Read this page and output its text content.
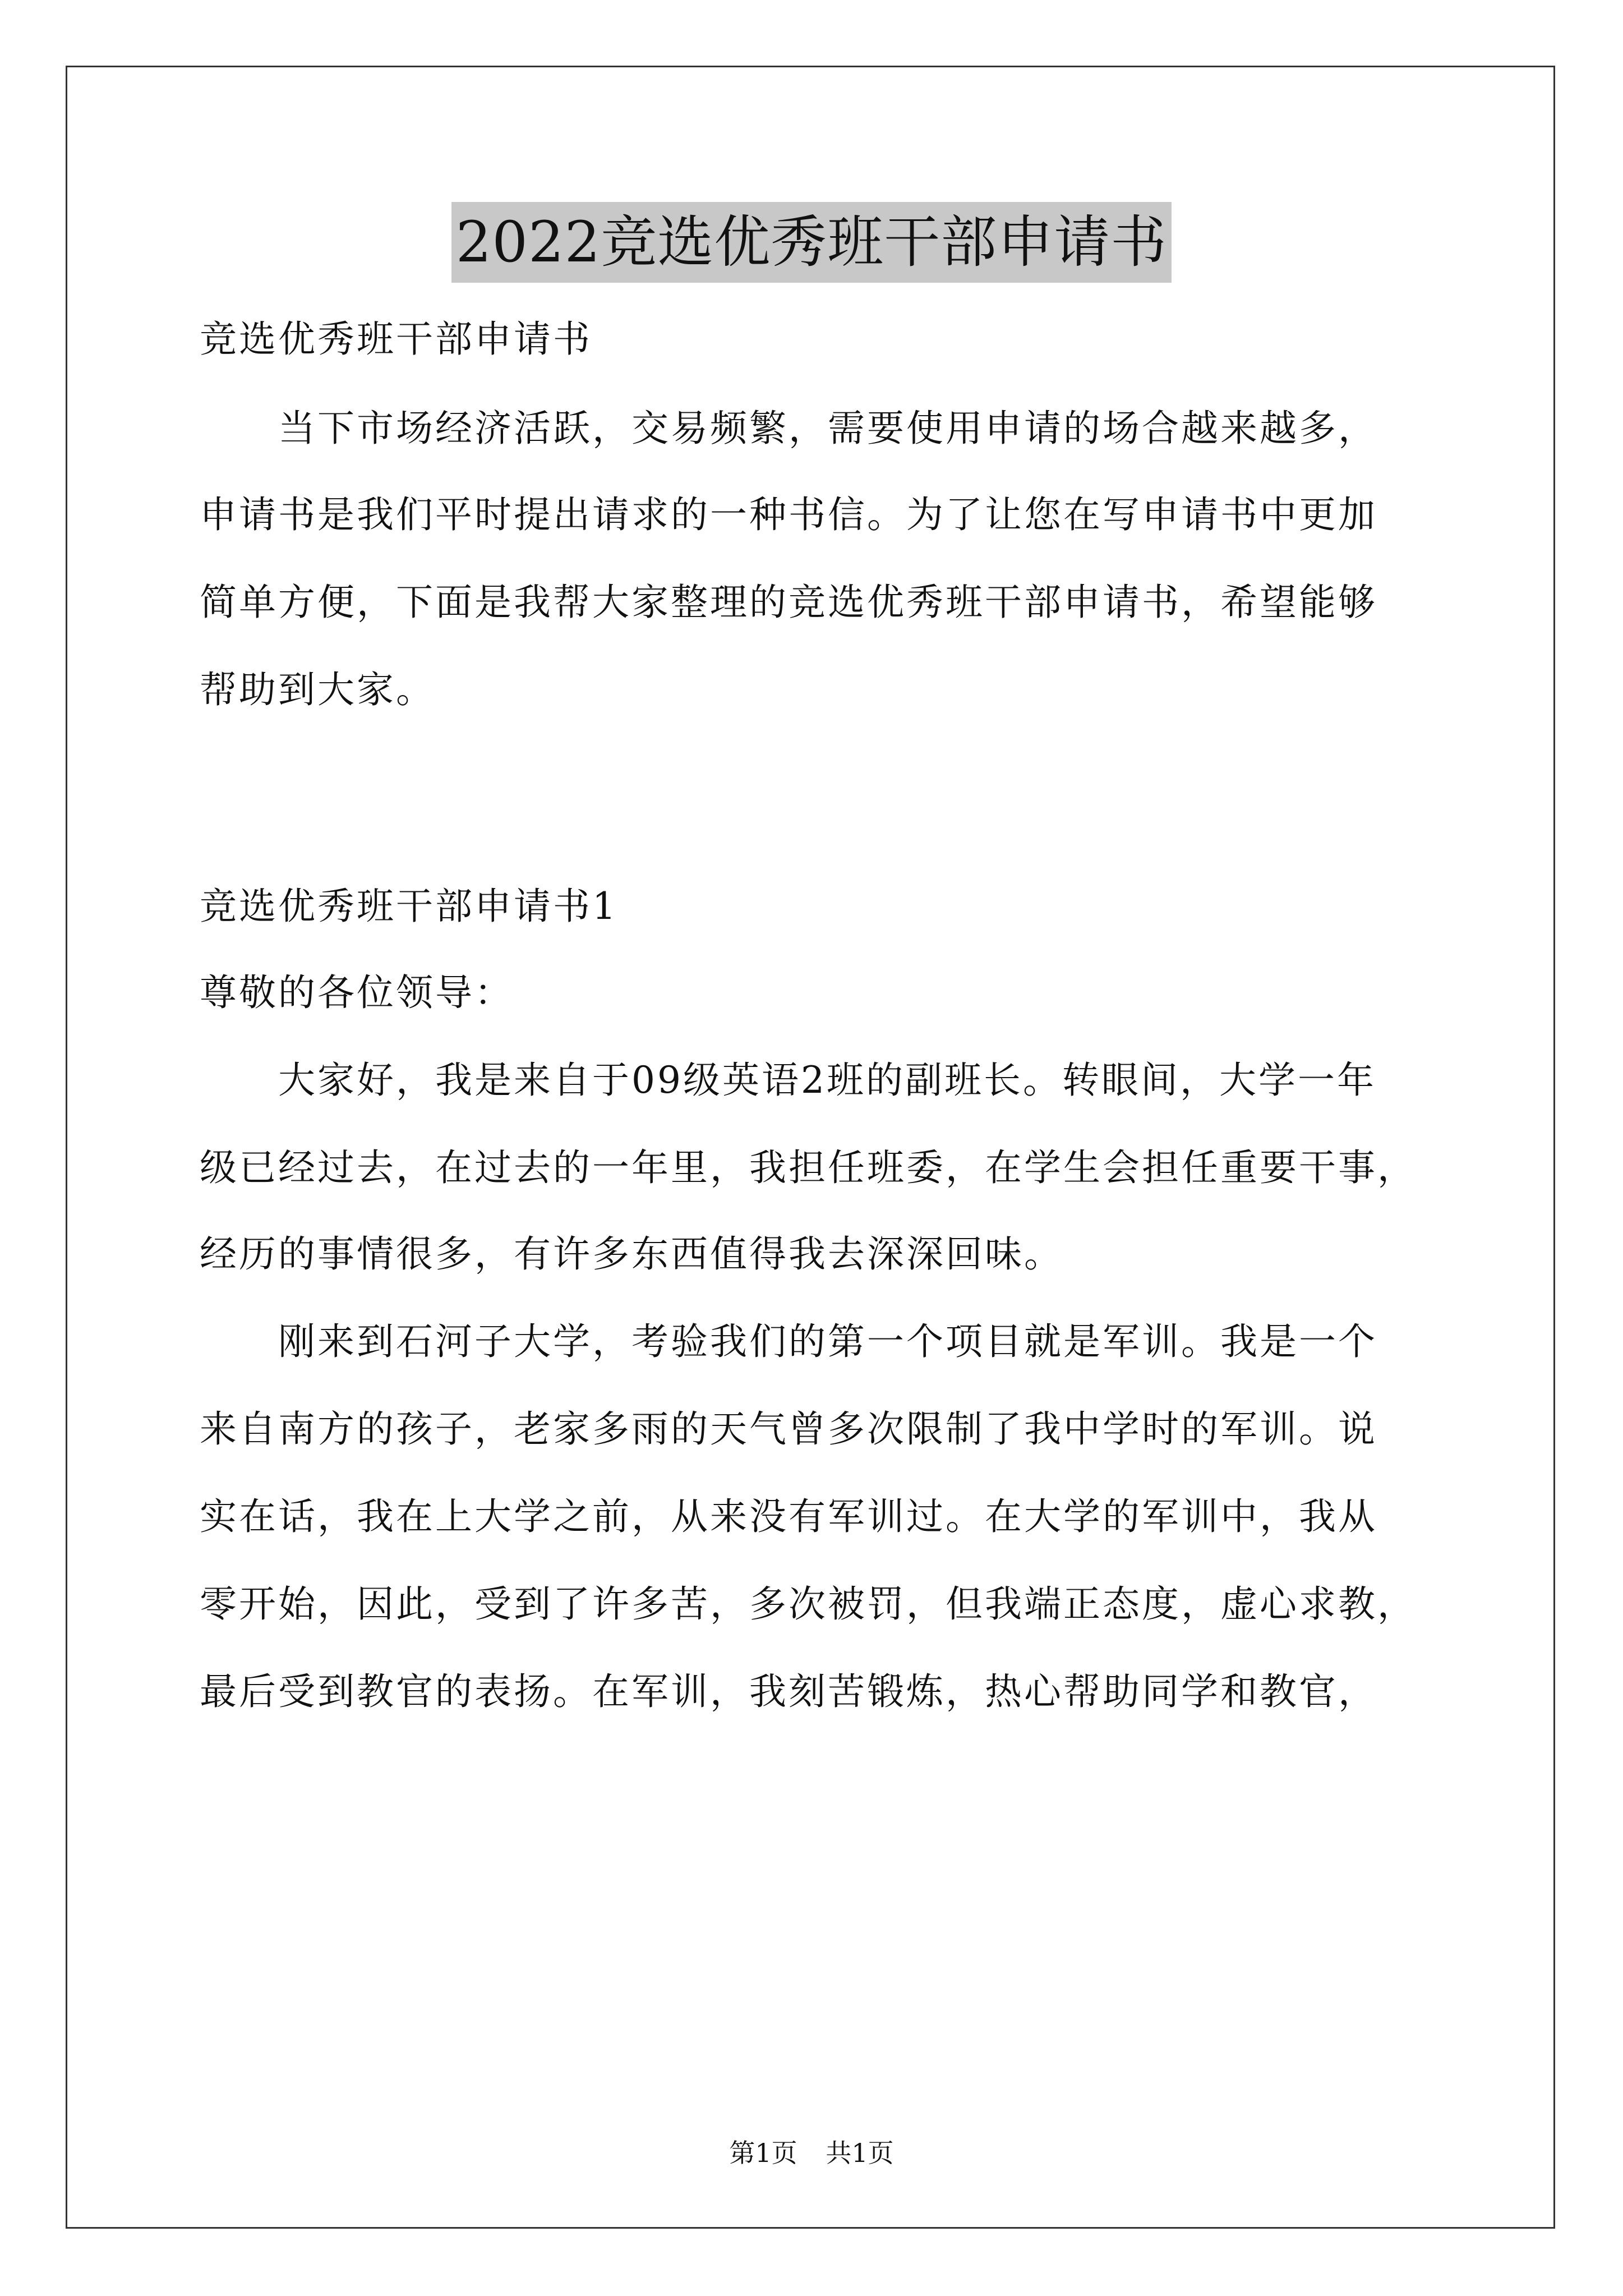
2022竞选优秀班干部申请书
竞选优秀班干部申请书
当下市场经济活跃，交易频繁，需要使用申请的场合越来越多，
申请书是我们平时提出请求的一种书信。为了让您在写申请书中更加
简单方便，下面是我帮大家整理的竞选优秀班干部申请书，希望能够
帮助到大家。
竞选优秀班干部申请书1
尊敬的各位领导：
大家好，我是来自于09级英语2班的副班长。转眼间，大学一年
级已经过去，在过去的一年里，我担任班委，在学生会担任重要干事，
经历的事情很多，有许多东西值得我去深深回味。
刚来到石河子大学，考验我们的第一个项目就是军训。我是一个
来自南方的孩子，老家多雨的天气曾多次限制了我中学时的军训。说
实在话，我在上大学之前，从来没有军训过。在大学的军训中，我从
零开始，因此，受到了许多苦，多次被罚，但我端正态度，虚心求教，
最后受到教官的表扬。在军训，我刻苦锻炼，热心帮助同学和教官，
第1页 共1页
